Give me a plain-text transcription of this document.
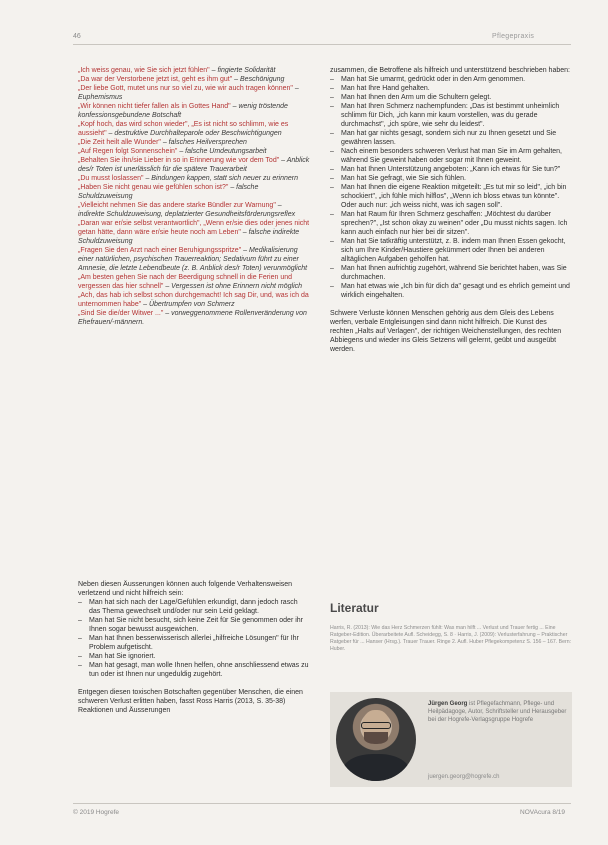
46	Pflegepraxis

„Ich weiss genau, wie Sie sich jetzt fühlen" – fingierte Solidarität

„Da war der Verstorbene jetzt ist, geht es ihm gut" – Beschönigung

„Der liebe Gott, mutet uns nur so viel zu, wie wir auch tragen können" – Euphemismus

„Wir können nicht tiefer fallen als in Gottes Hand" – wenig tröstende konfessionsgebundene Botschaft

„Kopf hoch, das wird schon wieder", „Es ist nicht so schlimm, wie es aussieht" – destruktive Durchhalteparole oder Beschwichtigungen

„Die Zeit heilt alle Wunder" – falsches Heilversprechen

„Auf Regen folgt Sonnenschein" – falsche Umdeutungsarbeit

„Behalten Sie ihn/sie Lieber in so in Erinnerung wie vor dem Tod" – Anblick des/r Toten ist unerlässlich für die spätere Trauerarbeit

„Du musst loslassen" – Bindungen kappen, statt sich neuer zu erinnern

„Haben Sie nicht genau wie gefühlen schon ist?" – falsche Schuldzuweisung

„Vielleicht nehmen Sie das andere starke Bündler zur Warnung" – indirekte Schuldzuweisung, deplatzierter Gesundheitsförderungsreflex

„Daran war er/sie selbst verantwortlich", „Wenn er/sie dies oder jenes nicht getan hätte, dann wäre er/sie heute noch am Leben" – falsche indirekte Schuldzuweisung

„Fragen Sie den Arzt nach einer Beruhigungsspritze" – Medikalisierung einer natürlichen, psychischen Trauerreaktion; Sedativum führt zu einer Amnesie, die letzte Lebendbeute (z. B. Anblick des/r Toten) verunmöglicht

„Am besten gehen Sie nach der Beerdigung schnell in die Ferien und vergessen das hier schnell" – Vergessen ist ohne Erinnern nicht möglich

„Ach, das hab ich selbst schon durchgemacht! Ich sag Dir, und, was ich da unternommen habe" – Übertrumpfen von Schmerz

„Sind Sie die/der Witwer ..." – vorweggenommene Rollenveränderung von Ehefrauen/-männern.

Neben diesen Äusserungen können auch folgende Verhaltensweisen verletzend und nicht hilfreich sein:

– Man hat sich nach der Lage/Gefühlen erkundigt, dann jedoch rasch das Thema gewechselt und/oder nur sein Leid geklagt.
– Man hat Sie nicht besucht, sich keine Zeit für Sie genommen oder ihr Ihnen sogar bewusst ausgewichen.
– Man hat Ihnen besserwisserisch allerlei „hilfreiche Lösungen" für Ihr Problem aufgetischt.
– Man hat Sie ignoriert.
– Man hat gesagt, man wolle Ihnen helfen, ohne anschliessend etwas zu tun oder ist Ihnen nur ungeduldig zugehört.

Entgegen diesen toxischen Botschaften gegenüber Menschen, die einen schweren Verlust erlitten haben, fasst Ross Harris (2013, S. 35-38) Reaktionen und Äusserungen

zusammen, die Betroffene als hilfreich und unterstützend beschrieben haben:

– Man hat Sie umarmt, gedrückt oder in den Arm genommen.
– Man hat Ihre Hand gehalten.
– Man hat Ihnen den Arm um die Schultern gelegt.
– Man hat Ihren Schmerz nachempfunden: „Das ist bestimmt unheimlich schlimm für Dich, „ich kann mir kaum vorstellen, was du gerade durchmachst", „ich spüre, wie sehr du leidest".
– Man hat gar nichts gesagt, sondern sich nur zu Ihnen gesetzt und Sie gewähren lassen.
– Nach einem besonders schweren Verlust hat man Sie im Arm gehalten, während Sie geweint haben oder sogar mit Ihnen geweint.
– Man hat Ihnen Unterstützung angeboten: „Kann ich etwas für Sie tun?"
– Man hat Sie gefragt, wie Sie sich fühlen.
– Man hat Ihnen die eigene Reaktion mitgeteilt: „Es tut mir so leid", „ich bin schockiert", „ich fühle mich hilflos", „Wenn ich bloss etwas tun könnte". Oder auch nur: „ich weiss nicht, was ich sagen soll".
– Man hat Raum für Ihren Schmerz geschaffen: „Möchtest du darüber sprechen?", „Ist schon okay zu weinen" oder „Du musst nichts sagen. Ich kann auch einfach nur hier bei dir sitzen".
– Man hat Sie tatkräftig unterstützt, z. B. indem man Ihnen Essen gekocht, sich um Ihre Kinder/Haustiere gekümmert oder Ihnen bei anderen alltäglichen Aufgaben geholfen hat.
– Man hat Ihnen aufrichtig zugehört, während Sie berichtet haben, was Sie durchmachen.
– Man hat etwas wie „Ich bin für dich da" gesagt und es ehrlich gemeint und wirklich eingehalten.

Schwere Verluste können Menschen gehörig aus dem Gleis des Lebens werfen, verbale Entgleisungen sind dann nicht hilfreich. Die Kunst des rechten „Halts auf Verlagen", der richtigen Weichenstellungen, des rechten Abbiegens und wieder ins Gleis Setzens will gelernt, geübt und ausgeübt werden.

Literatur

Harris, R. (2013): Wie das Herz Schmerzen fühlt: Was man hilft ... Verlust und Trauer fertig ... Eine Ratgeber-Edition. Überarbeitete Aufl. Scheidegg, S. 8 · Harris, J. (2009): Verlusterfahrung – Praktischer Ratgeber für ... Hanser (Hrsg.). Trauer Trauer. Ringe 2. Aufl. Huber Pflegekompetenz S. 156 – 167. Bern: Huber.

Jürgen Georg ist Pflegefachmann, Pflege- und Heilpädagoge, Autor, Schriftsteller und Herausgeber bei der Hogrefe-Verlagsgruppe Hogrefe

juergen.georg@hogrefe.ch

© 2019 Hogrefe	NOVAcura 8/19
